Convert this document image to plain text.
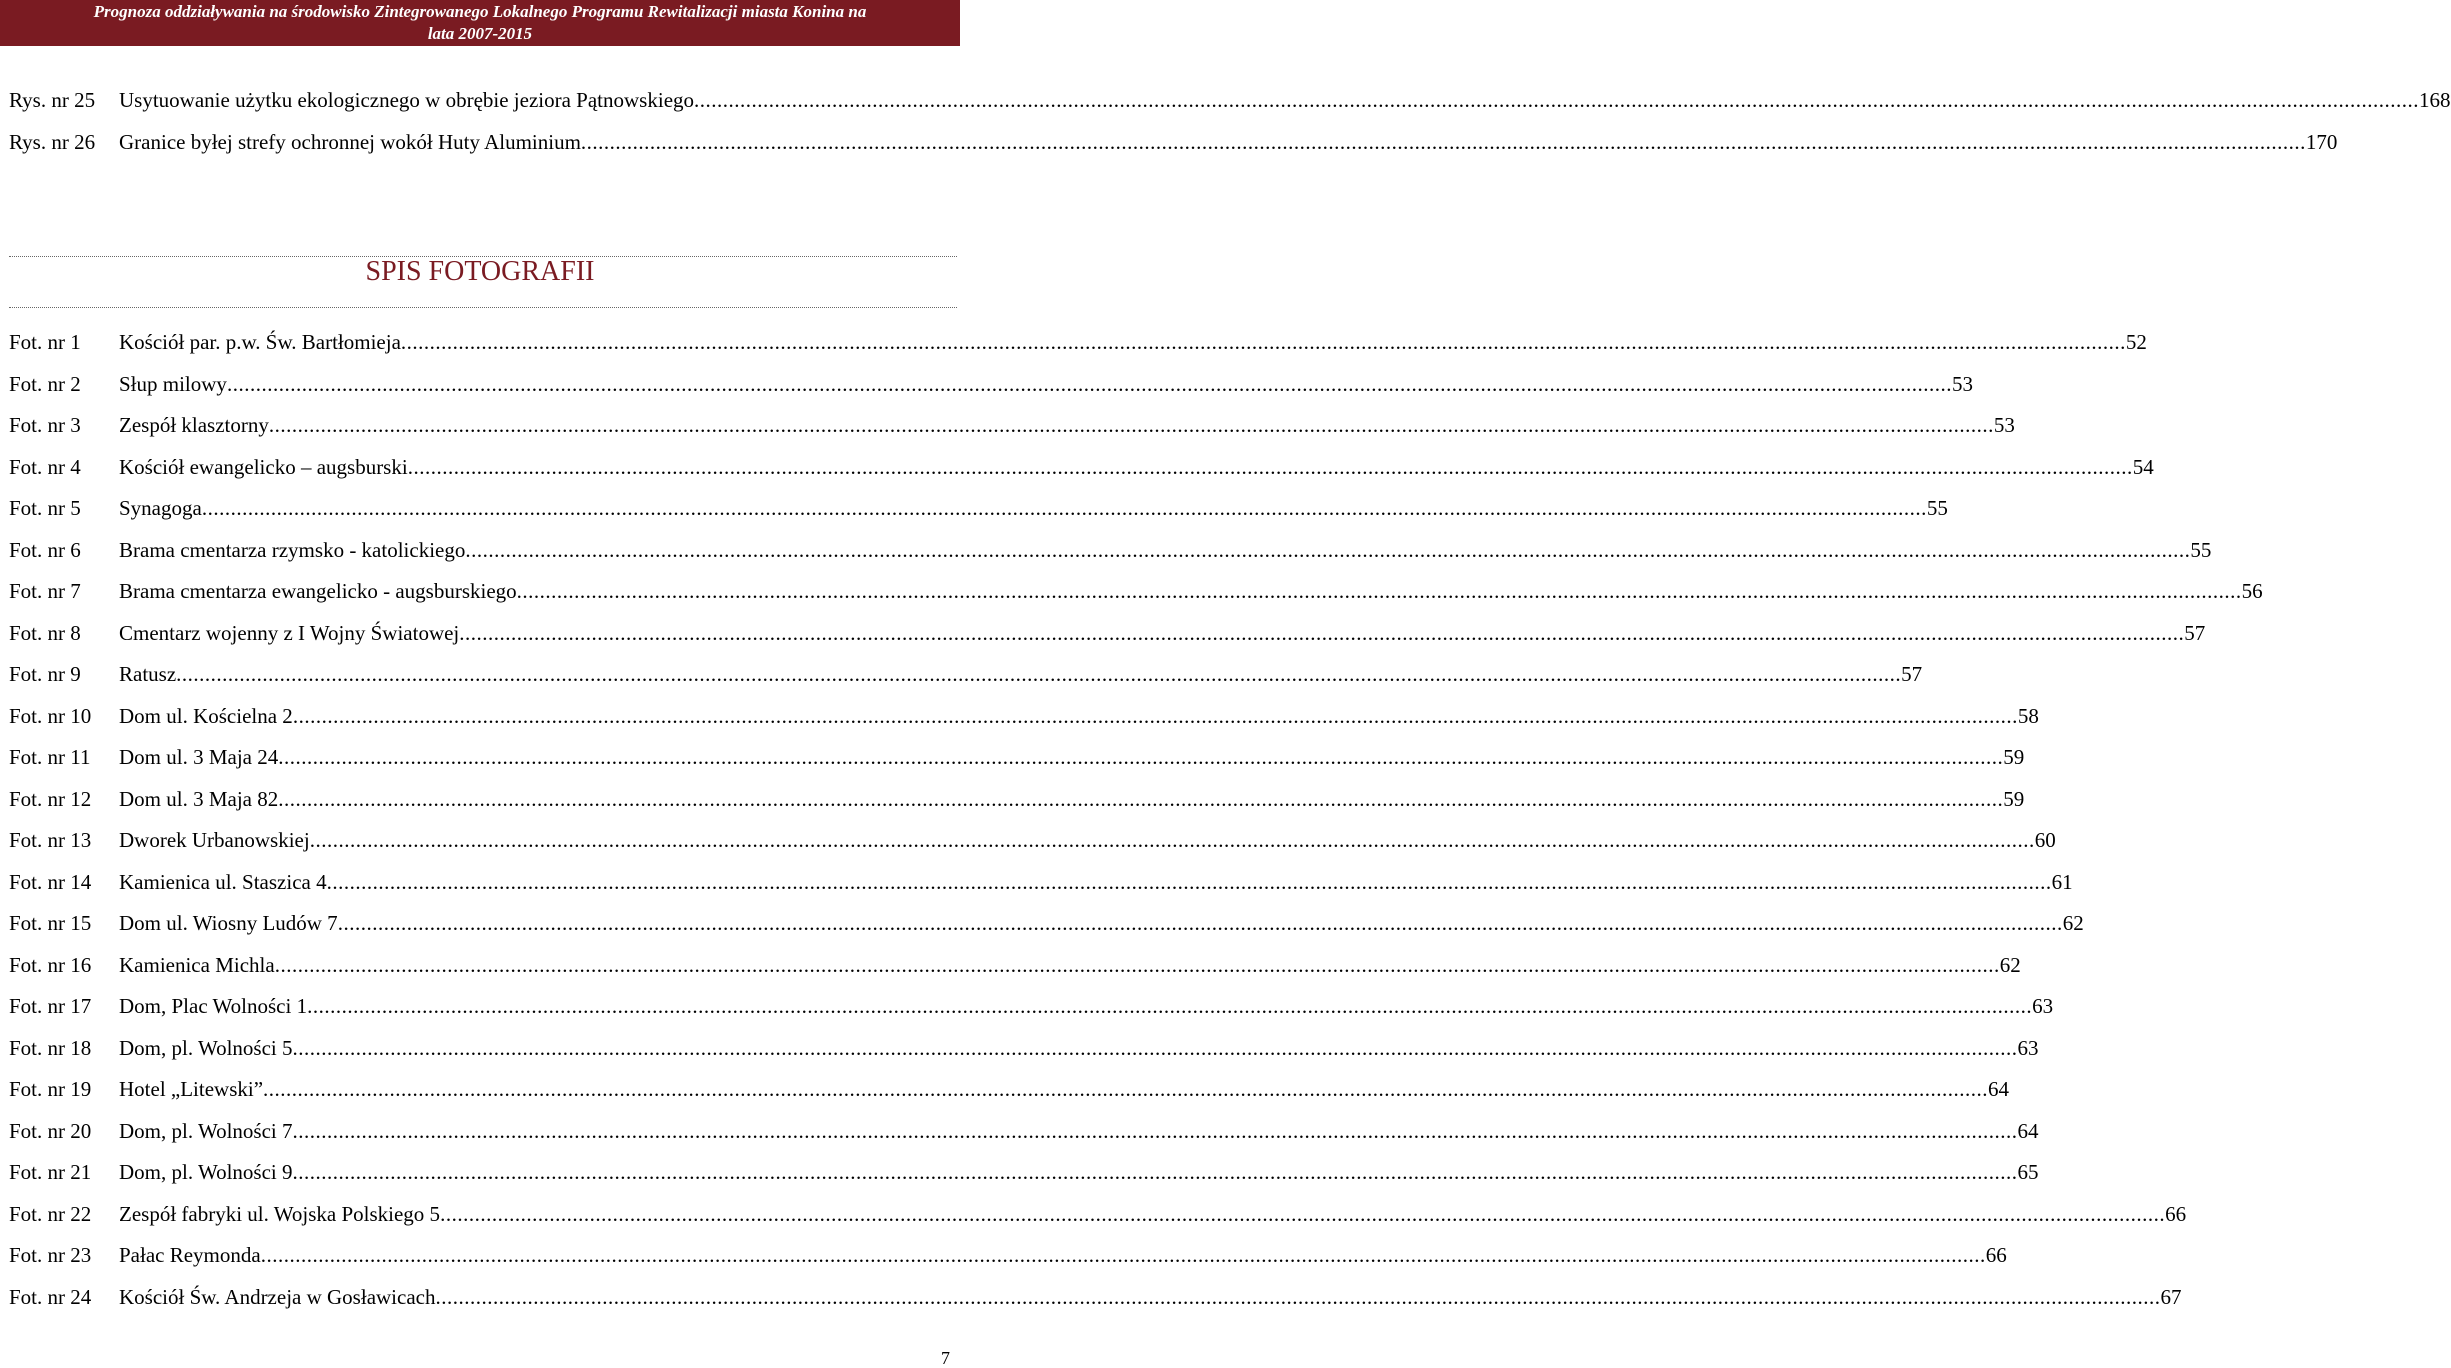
Prognoza oddziaływania na środowisko Zintegrowanego Lokalnego Programu Rewitalizacji miasta Konina na
lata 2007-2015
Rys. nr 25 Usytuowanie użytku ekologicznego w obrębie jeziora Pątnowskiego ............................................................................................................................................................................................................................................................................................................ 168
Rys. nr 26 Granice byłej strefy ochronnej wokół Huty Aluminium ............................................................................................................................................................................................................................................................................................................ 170
SPIS FOTOGRAFII
Fot. nr 1 Kościół par. p.w. Św. Bartłomieja ............................................................................................................................................................................................................................................................................................................ 52
Fot. nr 2 Słup milowy ............................................................................................................................................................................................................................................................................................................ 53
Fot. nr 3 Zespół klasztorny ............................................................................................................................................................................................................................................................................................................ 53
Fot. nr 4 Kościół ewangelicko – augsburski ............................................................................................................................................................................................................................................................................................................ 54
Fot. nr 5 Synagoga ............................................................................................................................................................................................................................................................................................................ 55
Fot. nr 6 Brama cmentarza rzymsko - katolickiego ............................................................................................................................................................................................................................................................................................................ 55
Fot. nr 7 Brama cmentarza ewangelicko - augsburskiego ............................................................................................................................................................................................................................................................................................................ 56
Fot. nr 8 Cmentarz wojenny z I Wojny Światowej ............................................................................................................................................................................................................................................................................................................ 57
Fot. nr 9 Ratusz ............................................................................................................................................................................................................................................................................................................ 57
Fot. nr 10 Dom ul. Kościelna 2 ............................................................................................................................................................................................................................................................................................................ 58
Fot. nr 11 Dom ul. 3 Maja 24 ............................................................................................................................................................................................................................................................................................................ 59
Fot. nr 12 Dom ul. 3 Maja 82 ............................................................................................................................................................................................................................................................................................................ 59
Fot. nr 13 Dworek Urbanowskiej ............................................................................................................................................................................................................................................................................................................ 60
Fot. nr 14 Kamienica ul. Staszica 4 ............................................................................................................................................................................................................................................................................................................ 61
Fot. nr 15 Dom ul. Wiosny Ludów 7 ............................................................................................................................................................................................................................................................................................................ 62
Fot. nr 16 Kamienica Michla ............................................................................................................................................................................................................................................................................................................ 62
Fot. nr 17 Dom, Plac Wolności 1 ............................................................................................................................................................................................................................................................................................................ 63
Fot. nr 18 Dom, pl. Wolności 5 ............................................................................................................................................................................................................................................................................................................ 63
Fot. nr 19 Hotel „Litewski” ............................................................................................................................................................................................................................................................................................................ 64
Fot. nr 20 Dom, pl. Wolności 7 ............................................................................................................................................................................................................................................................................................................ 64
Fot. nr 21 Dom, pl. Wolności 9 ............................................................................................................................................................................................................................................................................................................ 65
Fot. nr 22 Zespół fabryki ul. Wojska Polskiego 5 ............................................................................................................................................................................................................................................................................................................ 66
Fot. nr 23 Pałac Reymonda ............................................................................................................................................................................................................................................................................................................ 66
Fot. nr 24 Kościół Św. Andrzeja w Gosławicach ............................................................................................................................................................................................................................................................................................................ 67
7
